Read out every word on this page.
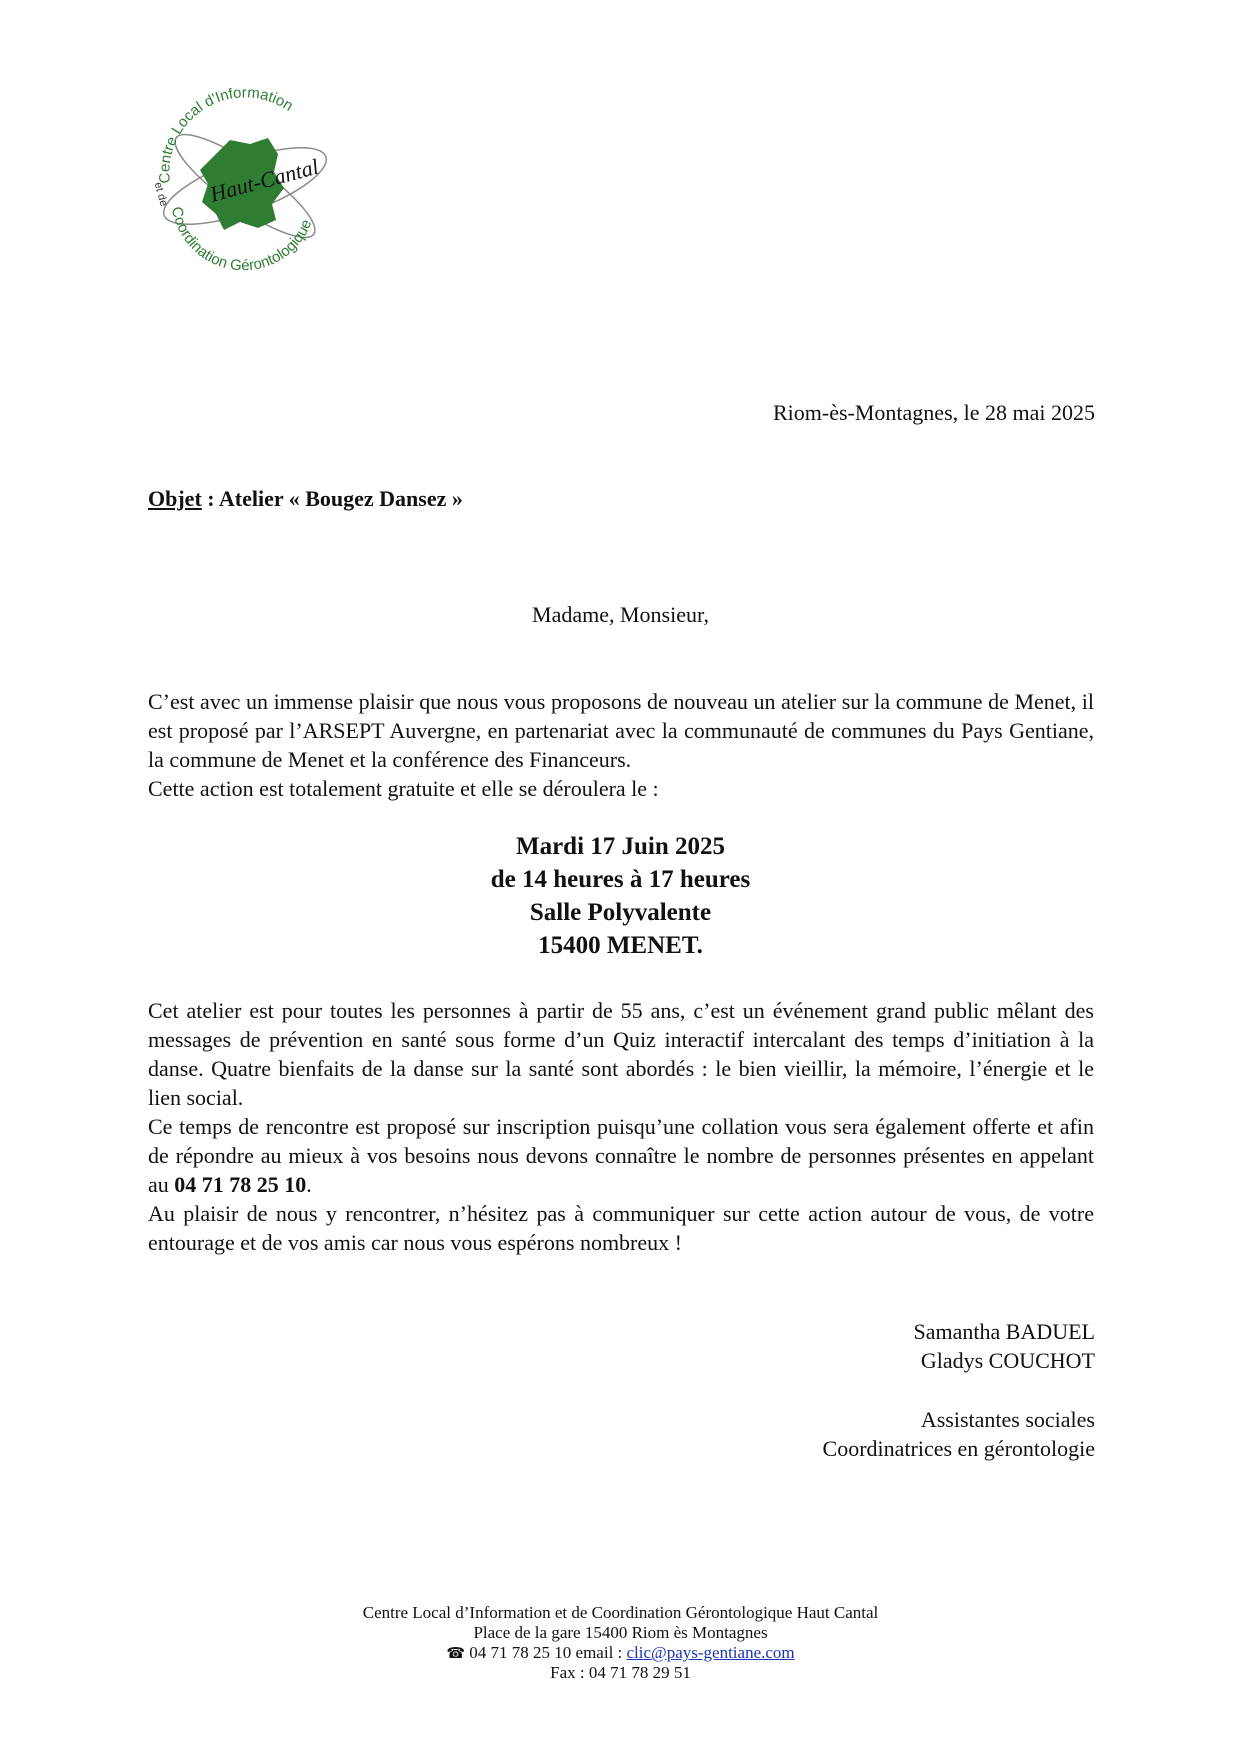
Centre Local d'Information
Coordination Gérontologique
et de Haut-Cantal
Riom-ès-Montagnes, le 28 mai 2025
Objet : Atelier « Bougez Dansez »
Madame, Monsieur,
C’est avec un immense plaisir que nous vous proposons de nouveau un atelier sur la commune de Menet, il est proposé par l’ARSEPT Auvergne, en partenariat avec la communauté de communes du Pays Gentiane, la commune de Menet et la conférence des Financeurs.
Cette action est totalement gratuite et elle se déroulera le :
Mardi 17 Juin 2025
de 14 heures à 17 heures
Salle Polyvalente
15400 MENET.
Cet atelier est pour toutes les personnes à partir de 55 ans, c’est un événement grand public mêlant des messages de prévention en santé sous forme d’un Quiz interactif intercalant des temps d’initiation à la danse. Quatre bienfaits de la danse sur la santé sont abordés : le bien vieillir, la mémoire, l’énergie et le lien social.
Ce temps de rencontre est proposé sur inscription puisqu’une collation vous sera également offerte et afin de répondre au mieux à vos besoins nous devons connaître le nombre de personnes présentes en appelant au 04 71 78 25 10.
Au plaisir de nous y rencontrer, n’hésitez pas à communiquer sur cette action autour de vous, de votre entourage et de vos amis car nous vous espérons nombreux !
Samantha BADUEL
Gladys COUCHOT
Assistantes sociales
Coordinatrices en gérontologie
Centre Local d’Information et de Coordination Gérontologique Haut Cantal
Place de la gare 15400 Riom ès Montagnes
☎ 04 71 78 25 10 email : clic@pays-gentiane.com
Fax : 04 71 78 29 51
